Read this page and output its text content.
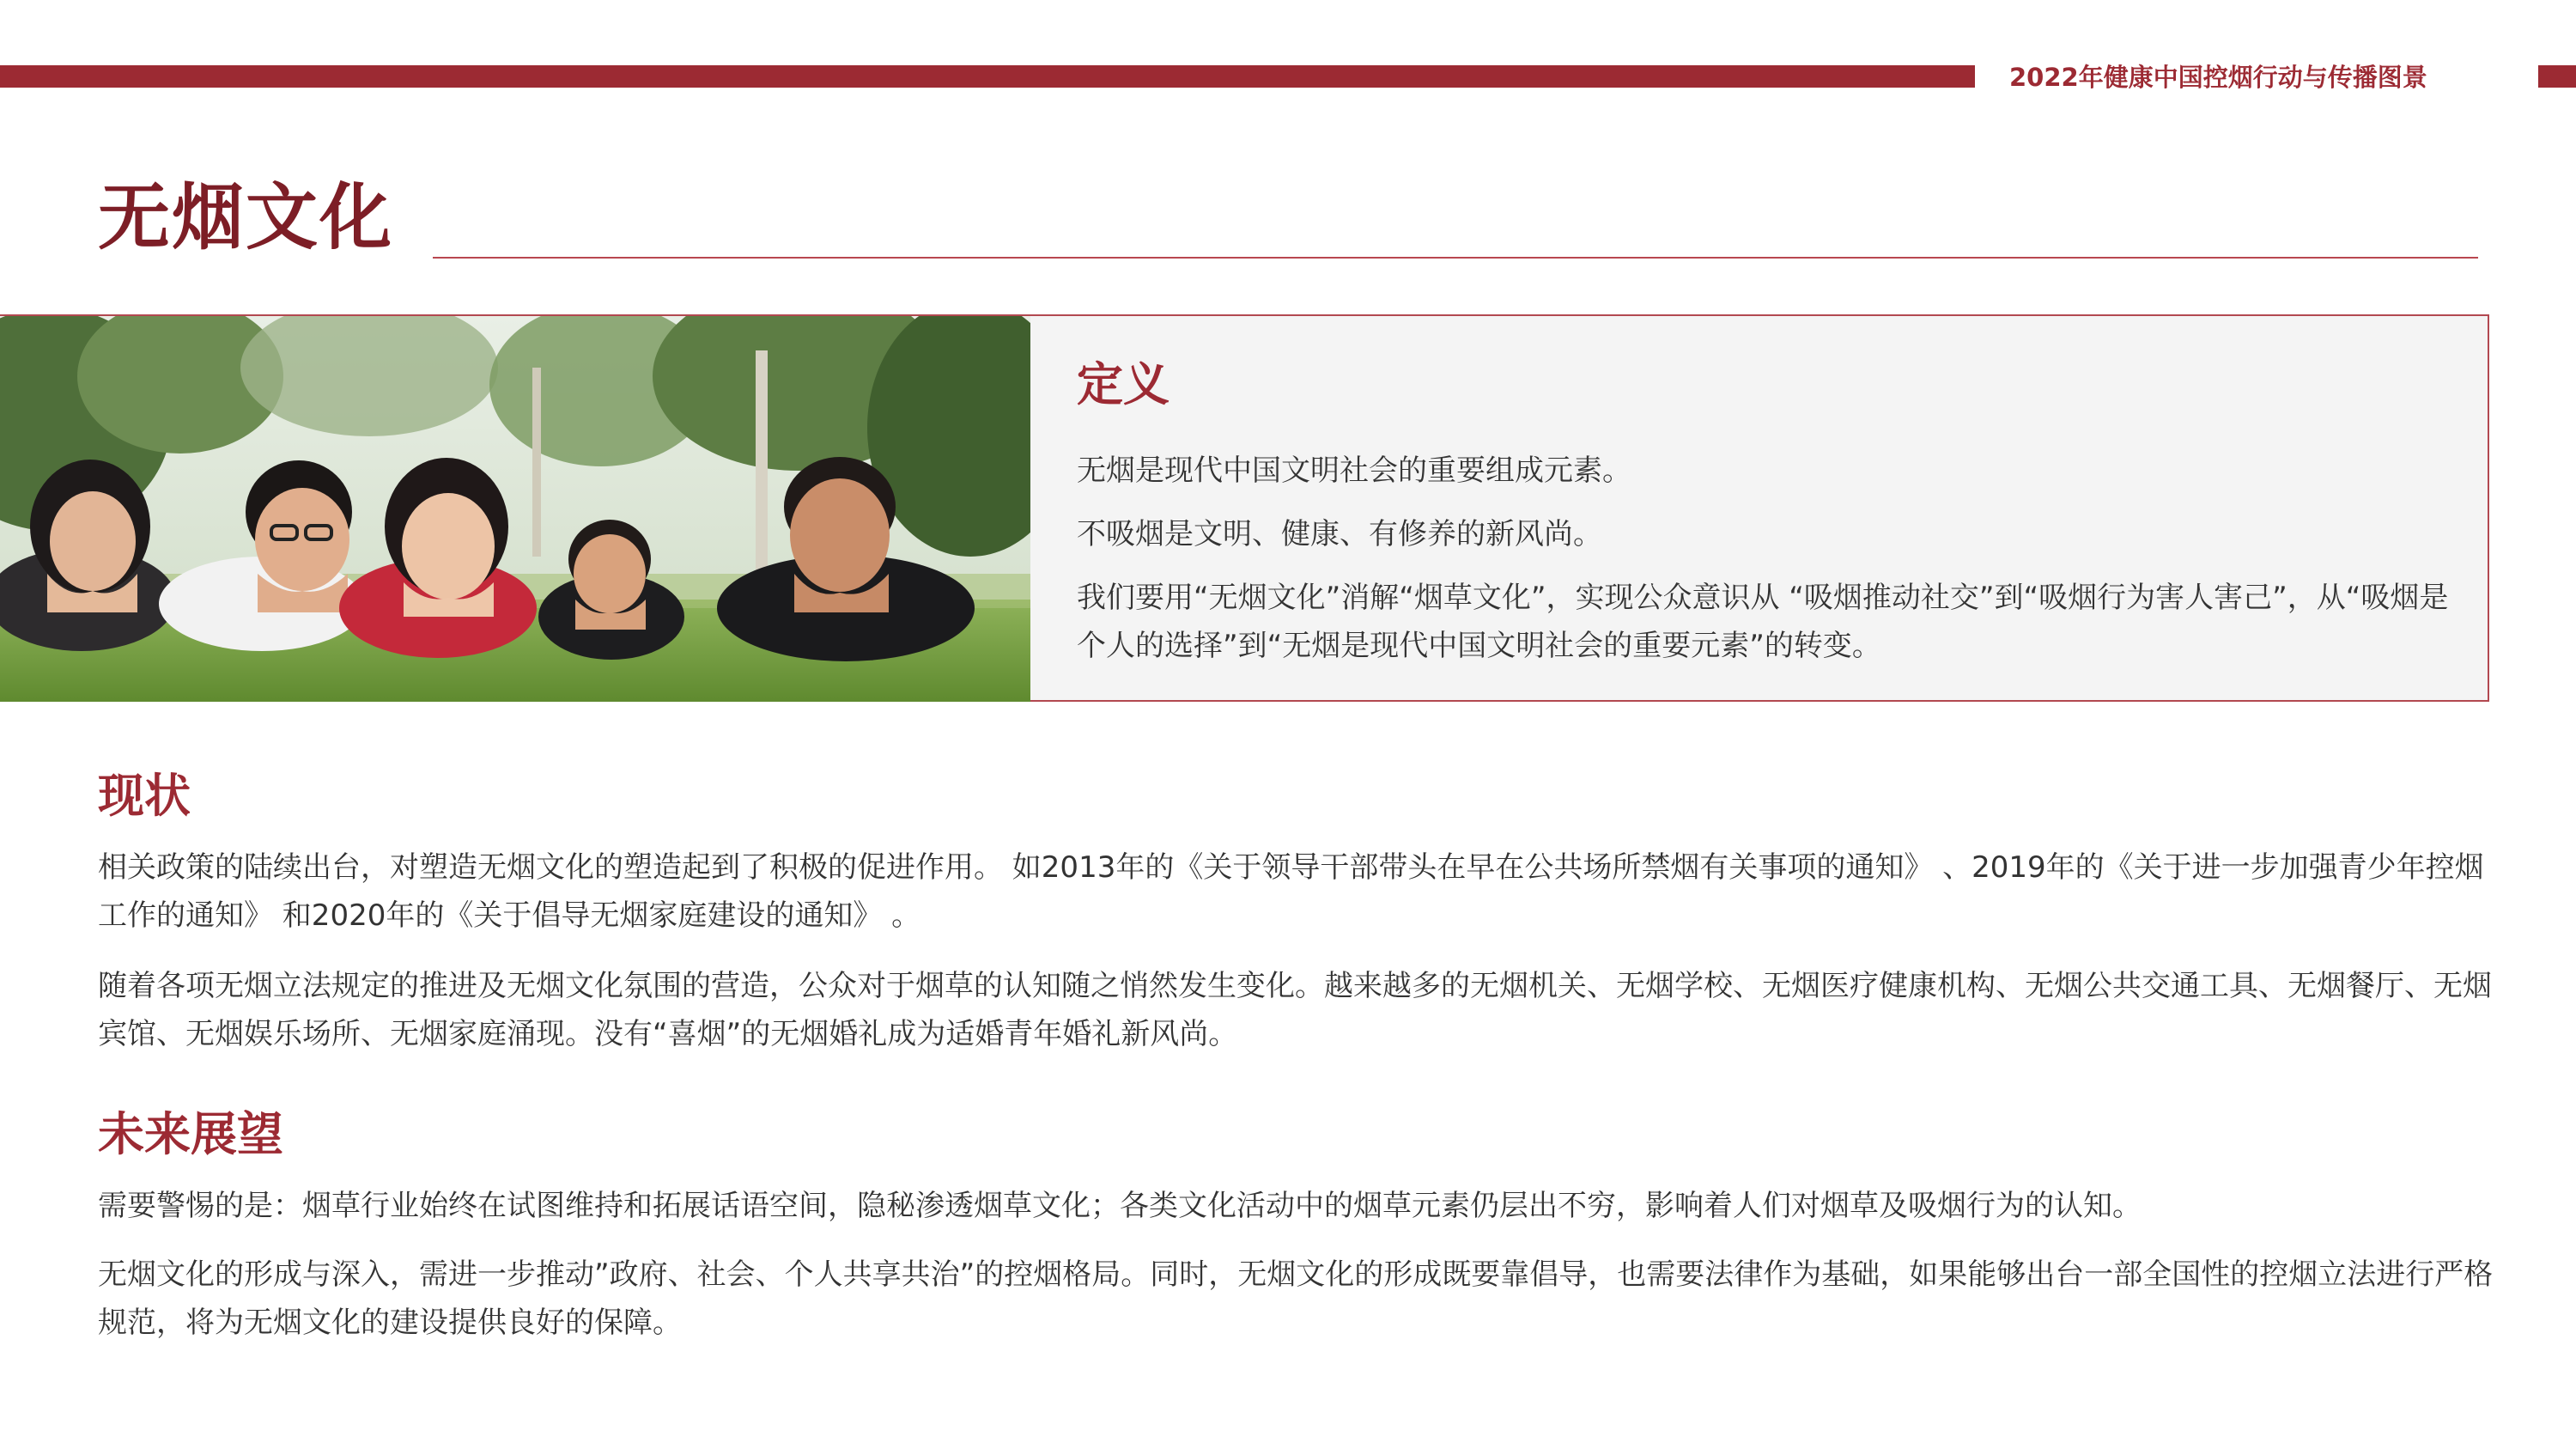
2022年健康中国控烟行动与传播图景
无烟文化
定义
无烟是现代中国文明社会的重要组成元素。
不吸烟是文明、健康、有修养的新风尚。
我们要用“无烟文化”消解“烟草文化”，实现公众意识从 “吸烟推动社交”到“吸烟行为害人害己”，从“吸烟是个人的选择”到“无烟是现代中国文明社会的重要元素”的转变。
现状
相关政策的陆续出台，对塑造无烟文化的塑造起到了积极的促进作用。 如2013年的《关于领导干部带头在早在公共场所禁烟有关事项的通知》 、2019年的《关于进一步加强青少年控烟工作的通知》 和2020年的《关于倡导无烟家庭建设的通知》 。
随着各项无烟立法规定的推进及无烟文化氛围的营造，公众对于烟草的认知随之悄然发生变化。越来越多的无烟机关、无烟学校、无烟医疗健康机构、无烟公共交通工具、无烟餐厅、无烟宾馆、无烟娱乐场所、无烟家庭涌现。没有“喜烟”的无烟婚礼成为适婚青年婚礼新风尚。
未来展望
需要警惕的是：烟草行业始终在试图维持和拓展话语空间，隐秘渗透烟草文化；各类文化活动中的烟草元素仍层出不穷，影响着人们对烟草及吸烟行为的认知。
无烟文化的形成与深入，需进一步推动”政府、社会、个人共享共治”的控烟格局。同时，无烟文化的形成既要靠倡导，也需要法律作为基础，如果能够出台一部全国性的控烟立法进行严格规范，将为无烟文化的建设提供良好的保障。
